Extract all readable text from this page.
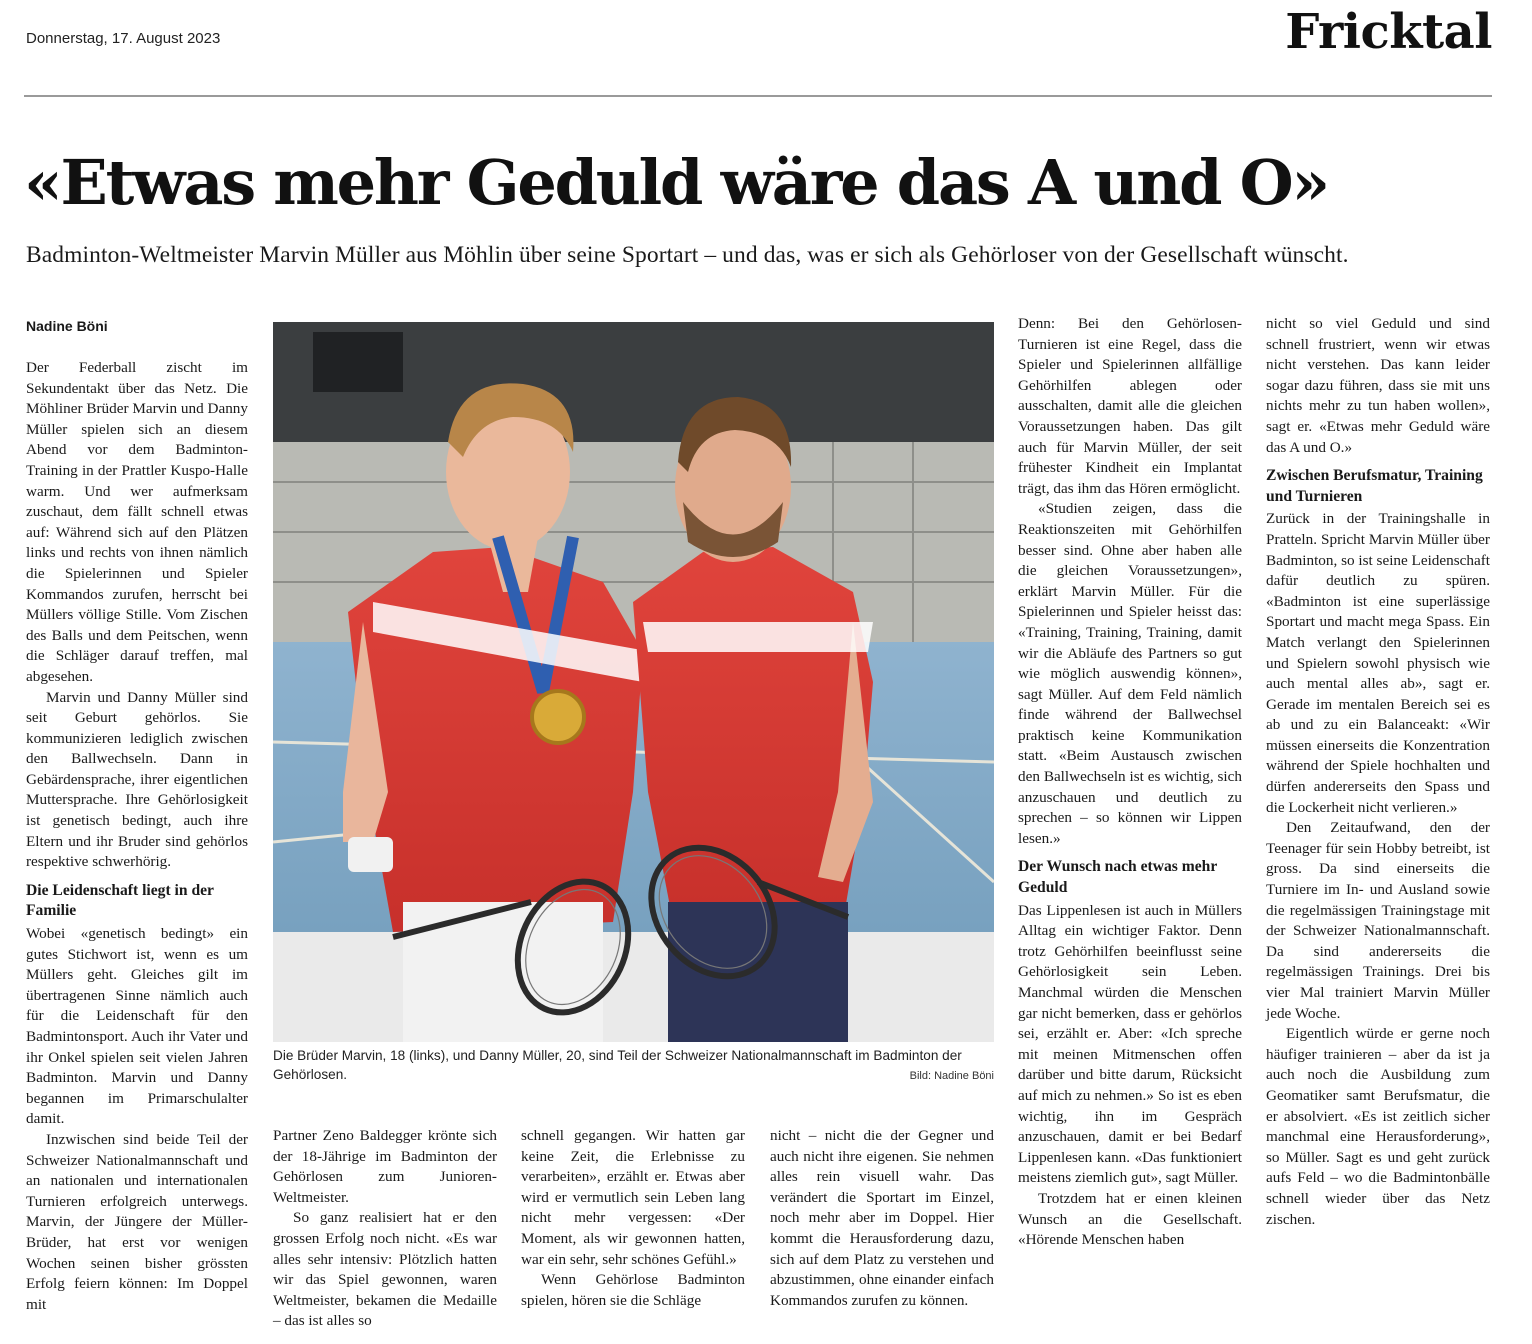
Donnerstag, 17. August 2023	Fricktal
«Etwas mehr Geduld wäre das A und O»
Badminton-Weltmeister Marvin Müller aus Möhlin über seine Sportart – und das, was er sich als Gehörloser von der Gesellschaft wünscht.
Nadine Böni

Der Federball zischt im Sekundentakt über das Netz. Die Möhliner Brüder Marvin und Danny Müller spielen sich an diesem Abend vor dem Badminton-Training in der Prattler Kuspo-Halle warm. Und wer aufmerksam zuschaut, dem fällt schnell etwas auf: Während sich auf den Plätzen links und rechts von ihnen nämlich die Spielerinnen und Spieler Kommandos zurufen, herrscht bei Müllers völlige Stille. Vom Zischen des Balls und dem Peitschen, wenn die Schläger darauf treffen, mal abgesehen.

Marvin und Danny Müller sind seit Geburt gehörlos. Sie kommunizieren lediglich zwischen den Ballwechseln. Dann in Gebärdensprache, ihrer eigentlichen Muttersprache. Ihre Gehörlosigkeit ist genetisch bedingt, auch ihre Eltern und ihr Bruder sind gehörlos respektive schwerhörig.

Die Leidenschaft liegt in der Familie

Wobei «genetisch bedingt» ein gutes Stichwort ist, wenn es um Müllers geht. Gleiches gilt im übertragenen Sinne nämlich auch für die Leidenschaft für den Badmintonsport. Auch ihr Vater und ihr Onkel spielen seit vielen Jahren Badminton. Marvin und Danny begannen im Primarschulalter damit.

Inzwischen sind beide Teil der Schweizer Nationalmannschaft und an nationalen und internationalen Turnieren erfolgreich unterwegs. Marvin, der Jüngere der Müller-Brüder, hat erst vor wenigen Wochen seinen bisher grössten Erfolg feiern können: Im Doppel mit

Die Brüder Marvin, 18 (links), und Danny Müller, 20, sind Teil der Schweizer Nationalmannschaft im Badminton der Gehörlosen.	Bild: Nadine Böni

Partner Zeno Baldegger krönte sich der 18-Jährige im Badminton der Gehörlosen zum Junioren-Weltmeister.

So ganz realisiert hat er den grossen Erfolg noch nicht. «Es war alles sehr intensiv: Plötzlich hatten wir das Spiel gewonnen, waren Weltmeister, bekamen die Medaille – das ist alles so

schnell gegangen. Wir hatten gar keine Zeit, die Erlebnisse zu verarbeiten», erzählt er. Etwas aber wird er vermutlich sein Leben lang nicht mehr vergessen: «Der Moment, als wir gewonnen hatten, war ein sehr, sehr schönes Gefühl.»

Wenn Gehörlose Badminton spielen, hören sie die Schläge

nicht – nicht die der Gegner und auch nicht ihre eigenen. Sie nehmen alles rein visuell wahr. Das verändert die Sportart im Einzel, noch mehr aber im Doppel. Hier kommt die Herausforderung dazu, sich auf dem Platz zu verstehen und abzustimmen, ohne einander einfach Kommandos zurufen zu können.

Denn: Bei den Gehörlosen-Turnieren ist eine Regel, dass die Spieler und Spielerinnen allfällige Gehörhilfen ablegen oder ausschalten, damit alle die gleichen Voraussetzungen haben. Das gilt auch für Marvin Müller, der seit frühester Kindheit ein Implantat trägt, das ihm das Hören ermöglicht.

«Studien zeigen, dass die Reaktionszeiten mit Gehörhilfen besser sind. Ohne aber haben alle die gleichen Voraussetzungen», erklärt Marvin Müller. Für die Spielerinnen und Spieler heisst das: «Training, Training, Training, damit wir die Abläufe des Partners so gut wie möglich auswendig können», sagt Müller. Auf dem Feld nämlich finde während der Ballwechsel praktisch keine Kommunikation statt. «Beim Austausch zwischen den Ballwechseln ist es wichtig, sich anzuschauen und deutlich zu sprechen – so können wir Lippen lesen.»

Der Wunsch nach etwas mehr Geduld

Das Lippenlesen ist auch in Müllers Alltag ein wichtiger Faktor. Denn trotz Gehörhilfen beeinflusst seine Gehörlosigkeit sein Leben. Manchmal würden die Menschen gar nicht bemerken, dass er gehörlos sei, erzählt er. Aber: «Ich spreche mit meinen Mitmenschen offen darüber und bitte darum, Rücksicht auf mich zu nehmen.» So ist es eben wichtig, ihn im Gespräch anzuschauen, damit er bei Bedarf Lippenlesen kann. «Das funktioniert meistens ziemlich gut», sagt Müller.

Trotzdem hat er einen kleinen Wunsch an die Gesellschaft. «Hörende Menschen haben

nicht so viel Geduld und sind schnell frustriert, wenn wir etwas nicht verstehen. Das kann leider sogar dazu führen, dass sie mit uns nichts mehr zu tun haben wollen», sagt er. «Etwas mehr Geduld wäre das A und O.»

Zwischen Berufsmatur, Training und Turnieren

Zurück in der Trainingshalle in Pratteln. Spricht Marvin Müller über Badminton, so ist seine Leidenschaft dafür deutlich zu spüren. «Badminton ist eine superlässige Sportart und macht mega Spass. Ein Match verlangt den Spielerinnen und Spielern sowohl physisch wie auch mental alles ab», sagt er. Gerade im mentalen Bereich sei es ab und zu ein Balanceakt: «Wir müssen einerseits die Konzentration während der Spiele hochhalten und dürfen andererseits den Spass und die Lockerheit nicht verlieren.»

Den Zeitaufwand, den der Teenager für sein Hobby betreibt, ist gross. Da sind einerseits die Turniere im In- und Ausland sowie die regelmässigen Trainingstage mit der Schweizer Nationalmannschaft. Da sind andererseits die regelmässigen Trainings. Drei bis vier Mal trainiert Marvin Müller jede Woche.

Eigentlich würde er gerne noch häufiger trainieren – aber da ist ja auch noch die Ausbildung zum Geomatiker samt Berufsmatur, die er absolviert. «Es ist zeitlich sicher manchmal eine Herausforderung», so Müller. Sagt es und geht zurück aufs Feld – wo die Badmintonbälle schnell wieder über das Netz zischen.
